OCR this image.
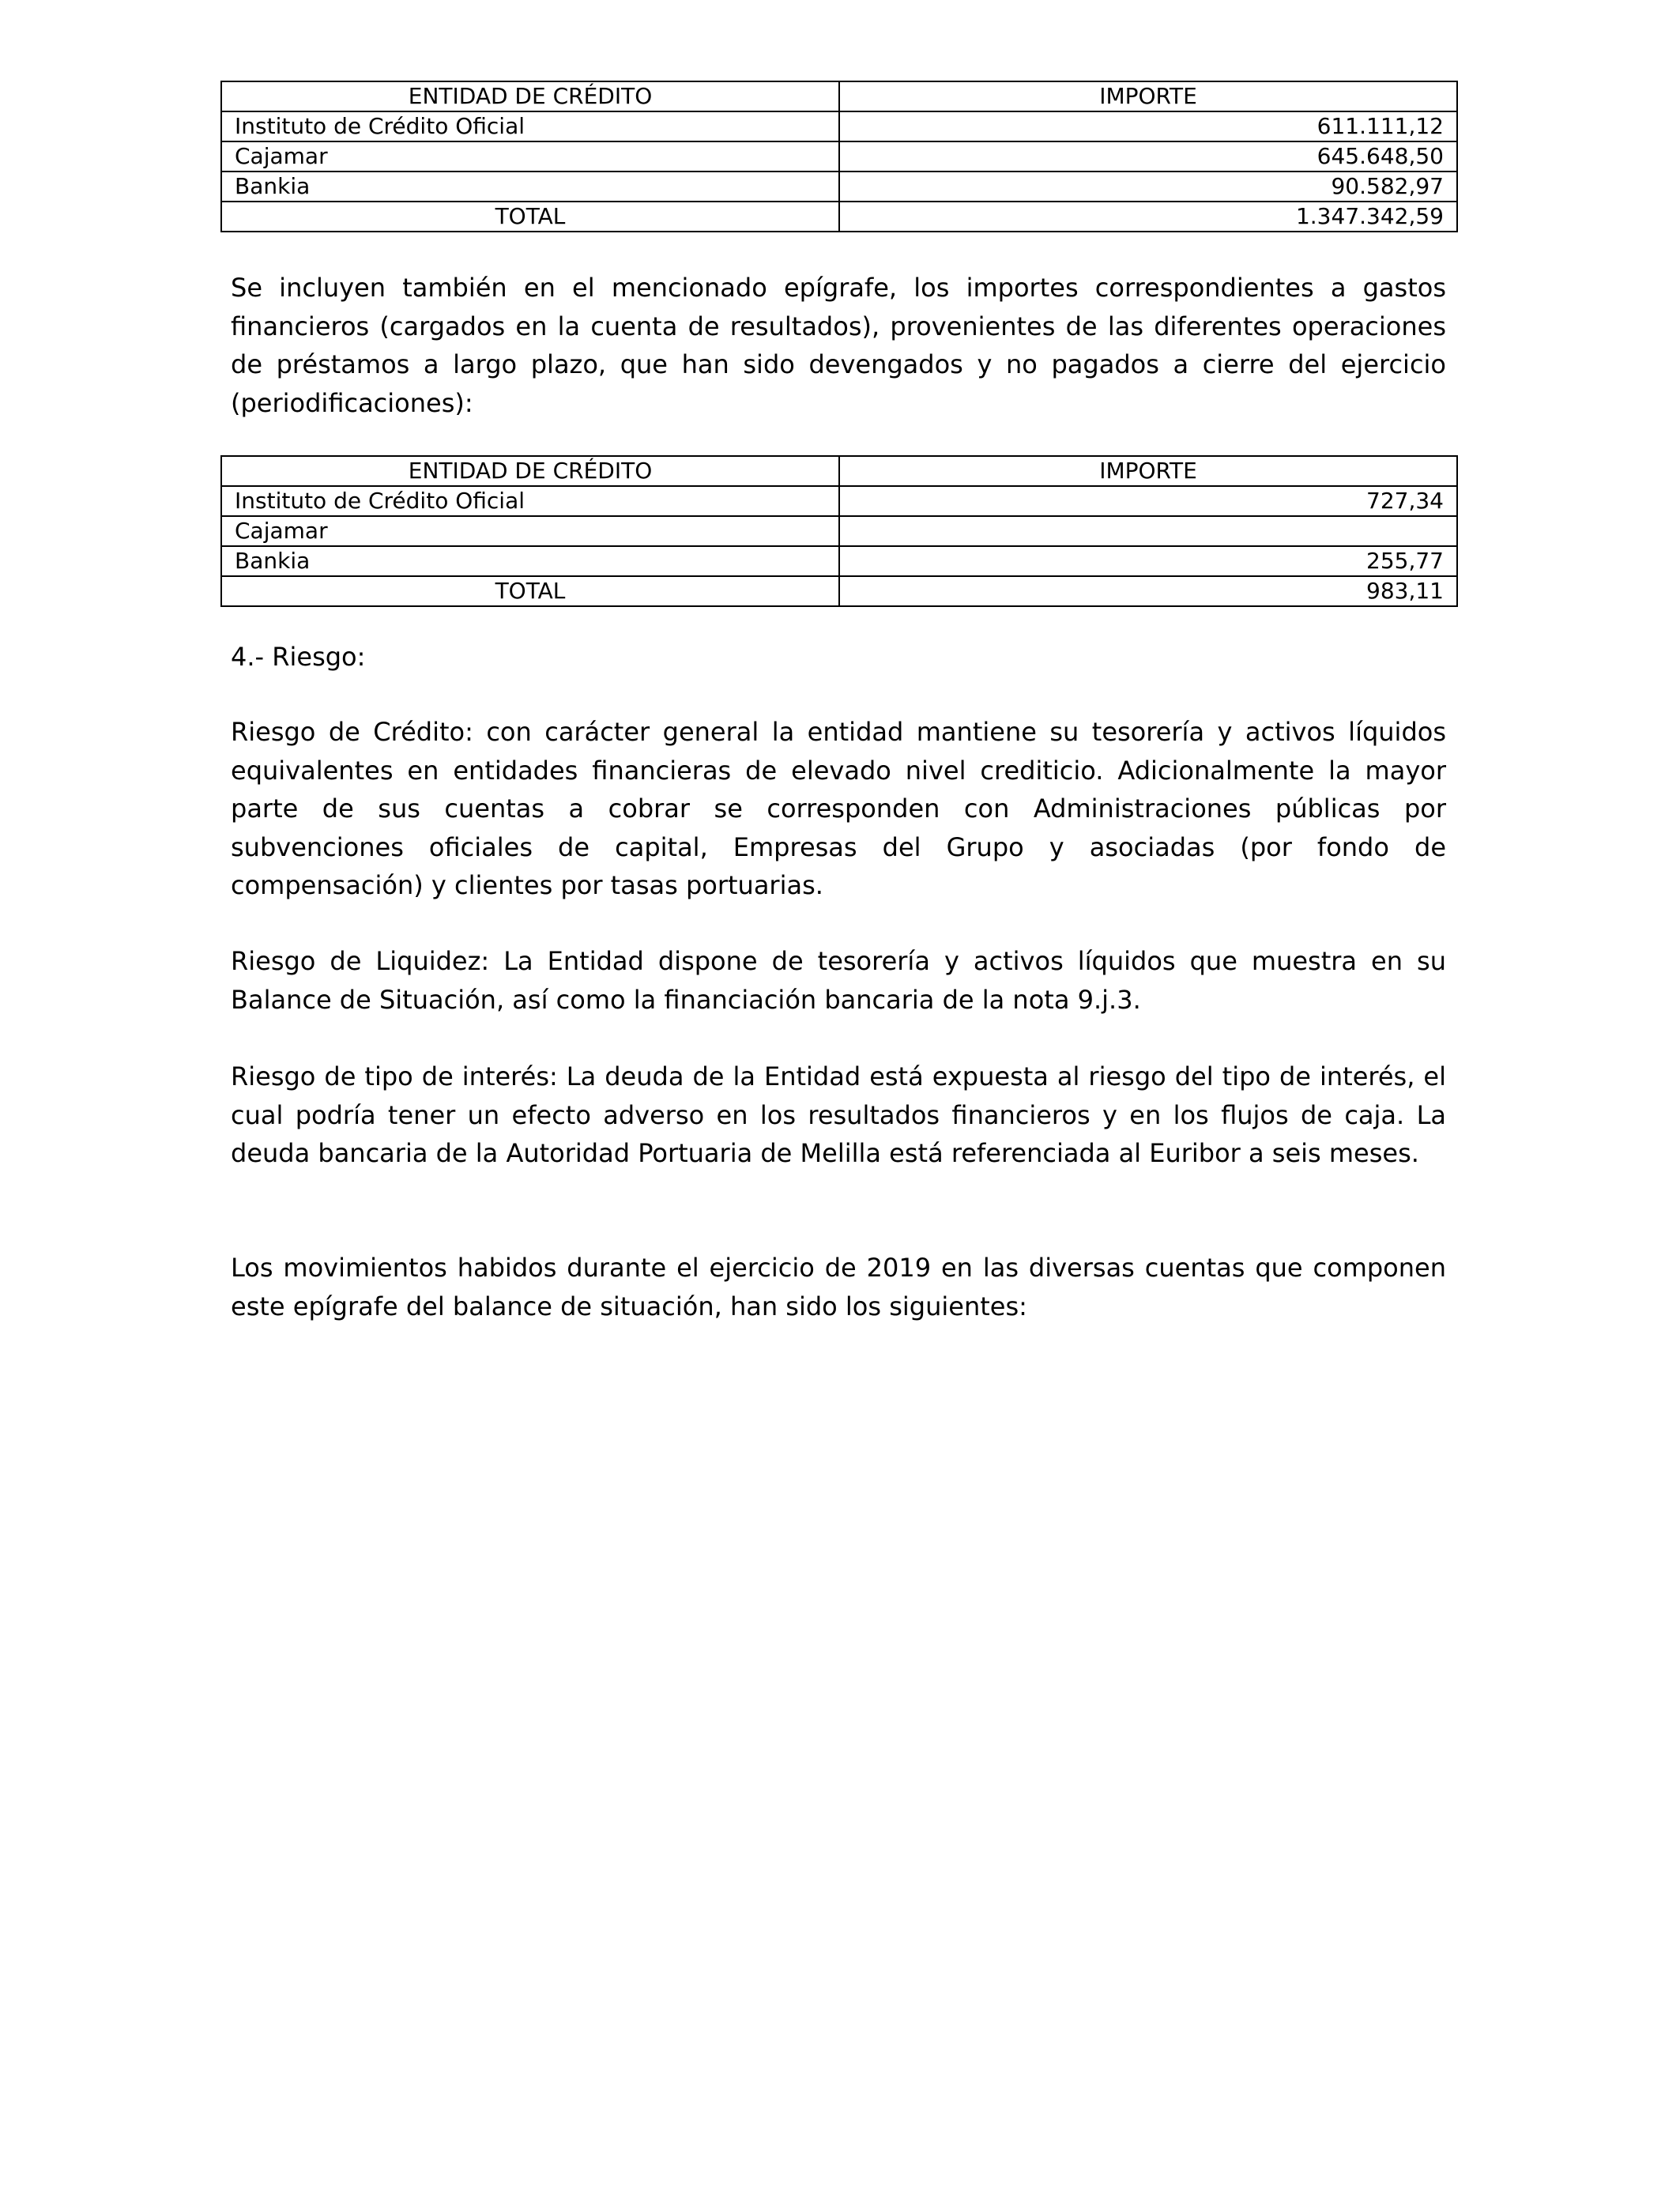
ENTIDAD DE CRÉDITO	IMPORTE
Instituto de Crédito Oficial	611.111,12
Cajamar	645.648,50
Bankia	90.582,97
TOTAL	1.347.342,59

Se incluyen también en el mencionado epígrafe, los importes correspondientes a gastos financieros (cargados en la cuenta de resultados), provenientes de las diferentes operaciones de préstamos a largo plazo, que han sido devengados y no pagados a cierre del ejercicio (periodificaciones):

ENTIDAD DE CRÉDITO	IMPORTE
Instituto de Crédito Oficial	727,34
Cajamar	
Bankia	255,77
TOTAL	983,11

4.- Riesgo:

Riesgo de Crédito: con carácter general la entidad mantiene su tesorería y activos líquidos equivalentes en entidades financieras de elevado nivel crediticio. Adicionalmente la mayor parte de sus cuentas a cobrar se corresponden con Administraciones públicas por subvenciones oficiales de capital, Empresas del Grupo y asociadas (por fondo de compensación) y clientes por tasas portuarias.

Riesgo de Liquidez: La Entidad dispone de tesorería y activos líquidos que muestra en su Balance de Situación, así como la financiación bancaria de la nota 9.j.3.

Riesgo de tipo de interés: La deuda de la Entidad está expuesta al riesgo del tipo de interés, el cual podría tener un efecto adverso en los resultados financieros y en los flujos de caja. La deuda bancaria de la Autoridad Portuaria de Melilla está referenciada al Euribor a seis meses.

Los movimientos habidos durante el ejercicio de 2019 en las diversas cuentas que componen este epígrafe del balance de situación, han sido los siguientes:
